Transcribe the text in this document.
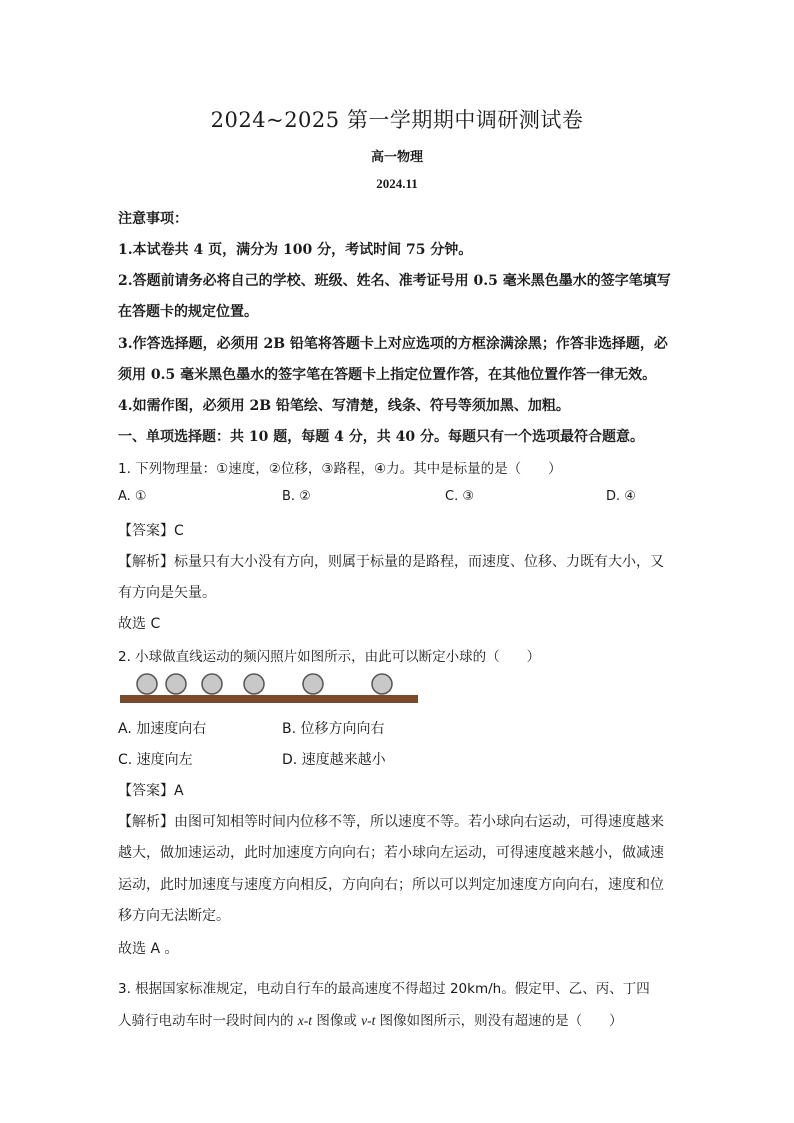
2024~2025 第一学期期中调研测试卷
高一物理
2024.11
注意事项：
1.本试卷共 4 页，满分为 100 分，考试时间 75 分钟。
2.答题前请务必将自己的学校、班级、姓名、准考证号用 0.5 毫米黑色墨水的签字笔填写
在答题卡的规定位置。
3.作答选择题，必须用 2B 铅笔将答题卡上对应选项的方框涂满涂黑；作答非选择题，必
须用 0.5 毫米黑色墨水的签字笔在答题卡上指定位置作答，在其他位置作答一律无效。
4.如需作图，必须用 2B 铅笔绘、写清楚，线条、符号等须加黑、加粗。
一、单项选择题：共 10 题，每题 4 分，共 40 分。每题只有一个选项最符合题意。
1. 下列物理量：①速度，②位移，③路程，④力。其中是标量的是（　　）
A. ①	B. ②	C. ③	D. ④
【答案】C
【解析】标量只有大小没有方向，则属于标量的是路程，而速度、位移、力既有大小，又
有方向是矢量。
故选 C
2. 小球做直线运动的频闪照片如图所示，由此可以断定小球的（　　）
A. 加速度向右	B. 位移方向向右
C. 速度向左	D. 速度越来越小
【答案】A
【解析】由图可知相等时间内位移不等，所以速度不等。若小球向右运动，可得速度越来
越大，做加速运动，此时加速度方向向右；若小球向左运动，可得速度越来越小，做减速
运动，此时加速度与速度方向相反，方向向右；所以可以判定加速度方向向右，速度和位
移方向无法断定。
故选 A 。
3. 根据国家标准规定，电动自行车的最高速度不得超过 20km/h。假定甲、乙、丙、丁四
人骑行电动车时一段时间内的 x-t 图像或 v-t 图像如图所示，则没有超速的是（　　）
